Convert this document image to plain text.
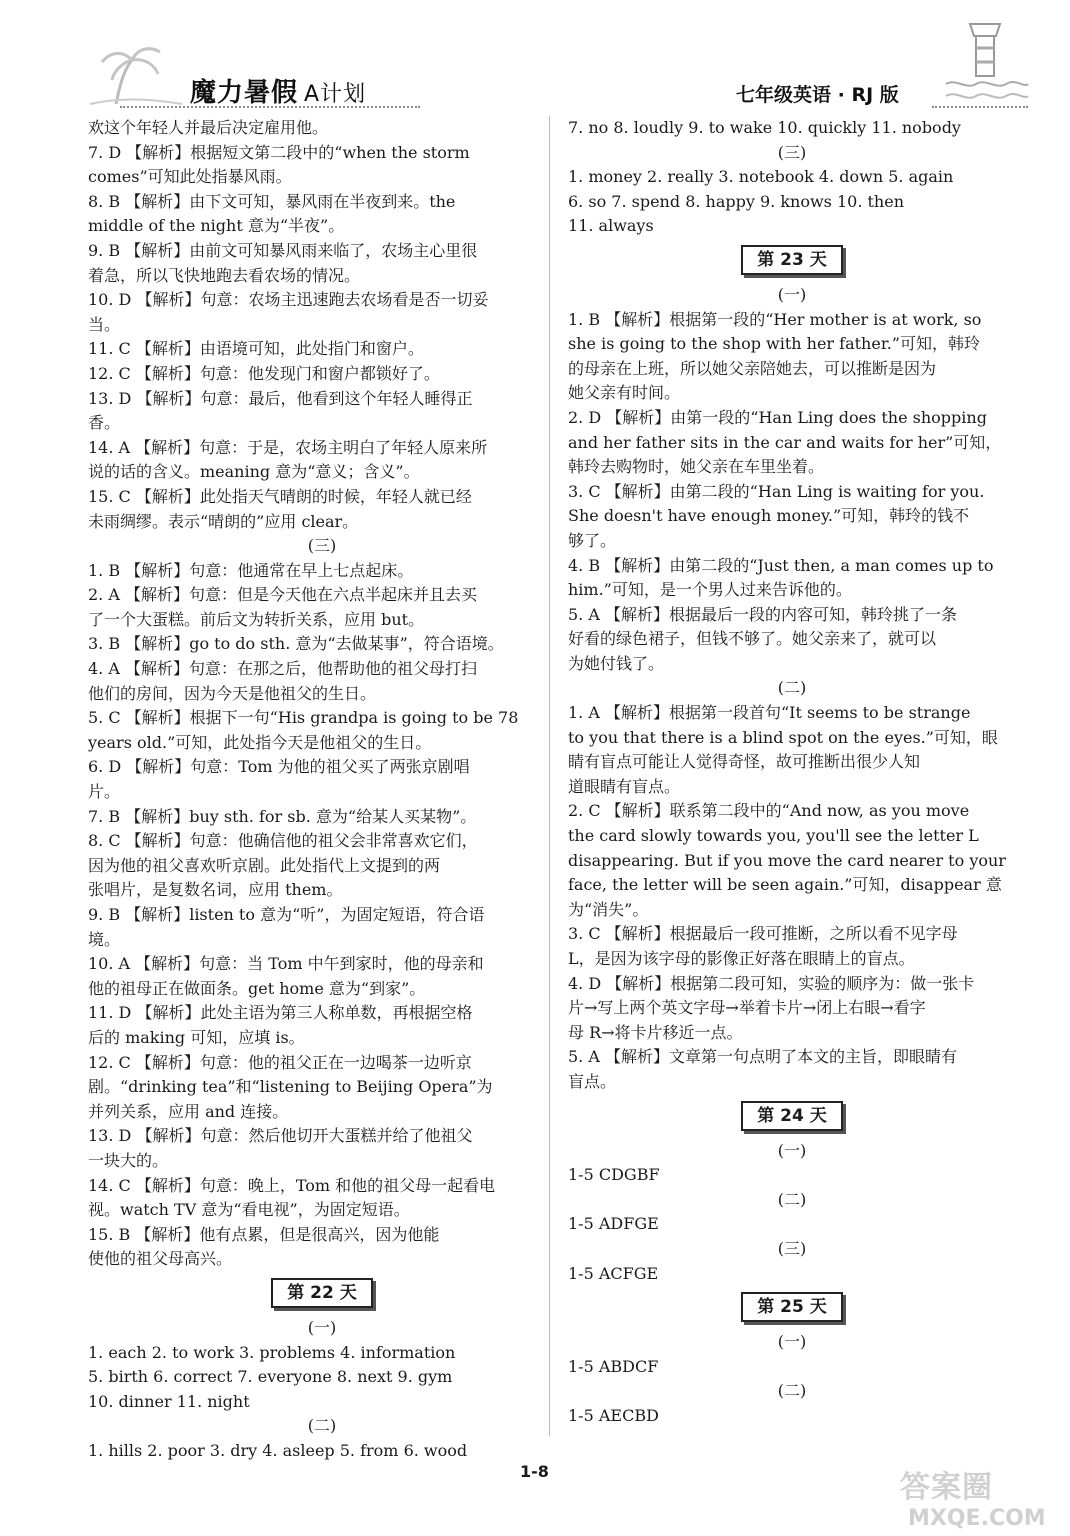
魔力暑假 A计划	七年级英语 · RJ 版
欢这个年轻人并最后决定雇用他。
7. D 【解析】根据短文第二段中的“when the storm
comes”可知此处指暴风雨。
8. B 【解析】由下文可知，暴风雨在半夜到来。the
middle of the night 意为“半夜”。
9. B 【解析】由前文可知暴风雨来临了，农场主心里很
着急，所以飞快地跑去看农场的情况。
10. D 【解析】句意：农场主迅速跑去农场看是否一切妥
当。
11. C 【解析】由语境可知，此处指门和窗户。
12. C 【解析】句意：他发现门和窗户都锁好了。
13. D 【解析】句意：最后，他看到这个年轻人睡得正
香。
14. A 【解析】句意：于是，农场主明白了年轻人原来所
说的话的含义。meaning 意为“意义；含义”。
15. C 【解析】此处指天气晴朗的时候，年轻人就已经
未雨绸缪。表示“晴朗的”应用 clear。
(三)
1. B 【解析】句意：他通常在早上七点起床。
2. A 【解析】句意：但是今天他在六点半起床并且去买
了一个大蛋糕。前后文为转折关系，应用 but。
3. B 【解析】go to do sth. 意为“去做某事”，符合语境。
4. A 【解析】句意：在那之后，他帮助他的祖父母打扫
他们的房间，因为今天是他祖父的生日。
5. C 【解析】根据下一句“His grandpa is going to be 78
years old.”可知，此处指今天是他祖父的生日。
6. D 【解析】句意：Tom 为他的祖父买了两张京剧唱
片。
7. B 【解析】buy sth. for sb. 意为“给某人买某物”。
8. C 【解析】句意：他确信他的祖父会非常喜欢它们，
因为他的祖父喜欢听京剧。此处指代上文提到的两
张唱片，是复数名词，应用 them。
9. B 【解析】listen to 意为“听”，为固定短语，符合语
境。
10. A 【解析】句意：当 Tom 中午到家时，他的母亲和
他的祖母正在做面条。get home 意为“到家”。
11. D 【解析】此处主语为第三人称单数，再根据空格
后的 making 可知，应填 is。
12. C 【解析】句意：他的祖父正在一边喝茶一边听京
剧。“drinking tea”和“listening to Beijing Opera”为
并列关系，应用 and 连接。
13. D 【解析】句意：然后他切开大蛋糕并给了他祖父
一块大的。
14. C 【解析】句意：晚上，Tom 和他的祖父母一起看电
视。watch TV 意为“看电视”，为固定短语。
15. B 【解析】他有点累，但是很高兴，因为他能
使他的祖父母高兴。
第 22 天
(一)
1. each 2. to work 3. problems 4. information
5. birth 6. correct 7. everyone 8. next 9. gym
10. dinner 11. night
(二)
1. hills 2. poor 3. dry 4. asleep 5. from 6. wood
7. no 8. loudly 9. to wake 10. quickly 11. nobody
(三)
1. money 2. really 3. notebook 4. down 5. again
6. so 7. spend 8. happy 9. knows 10. then
11. always
第 23 天
(一)
1. B 【解析】根据第一段的“Her mother is at work, so
she is going to the shop with her father.”可知，韩玲
的母亲在上班，所以她父亲陪她去，可以推断是因为
她父亲有时间。
2. D 【解析】由第一段的“Han Ling does the shopping
and her father sits in the car and waits for her”可知，
韩玲去购物时，她父亲在车里坐着。
3. C 【解析】由第二段的“Han Ling is waiting for you.
She doesn't have enough money.”可知，韩玲的钱不
够了。
4. B 【解析】由第二段的“Just then, a man comes up to
him.”可知，是一个男人过来告诉他的。
5. A 【解析】根据最后一段的内容可知，韩玲挑了一条
好看的绿色裙子，但钱不够了。她父亲来了，就可以
为她付钱了。
(二)
1. A 【解析】根据第一段首句“It seems to be strange
to you that there is a blind spot on the eyes.”可知，眼
睛有盲点可能让人觉得奇怪，故可推断出很少人知
道眼睛有盲点。
2. C 【解析】联系第二段中的“And now, as you move
the card slowly towards you, you'll see the letter L
disappearing. But if you move the card nearer to your
face, the letter will be seen again.”可知，disappear 意
为“消失”。
3. C 【解析】根据最后一段可推断，之所以看不见字母
L，是因为该字母的影像正好落在眼睛上的盲点。
4. D 【解析】根据第二段可知，实验的顺序为：做一张卡
片→写上两个英文字母→举着卡片→闭上右眼→看字
母 R→将卡片移近一点。
5. A 【解析】文章第一句点明了本文的主旨，即眼睛有
盲点。
第 24 天
(一)
1-5 CDGBF
(二)
1-5 ADFGE
(三)
1-5 ACFGE
第 25 天
(一)
1-5 ABDCF
(二)
1-5 AECBD
1-8	答案圈
MXQE.COM
